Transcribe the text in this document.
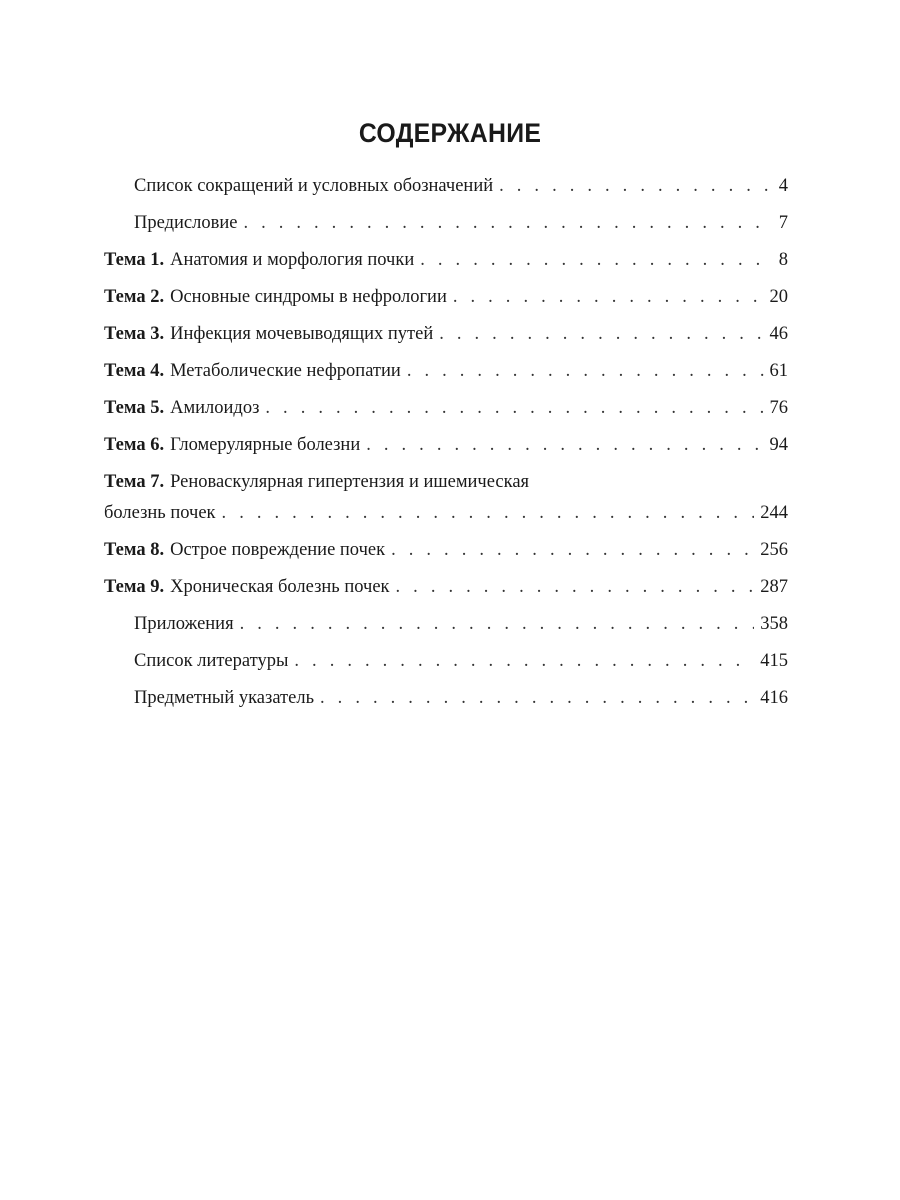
СОДЕРЖАНИЕ
Список сокращений и условных обозначений . . .	4
Предисловие . . .	7
Тема 1. Анатомия и морфология почки . . .	8
Тема 2. Основные синдромы в нефрологии . . .	20
Тема 3. Инфекция мочевыводящих путей . . .	46
Тема 4. Метаболические нефропатии . . .	61
Тема 5. Амилоидоз . . .	76
Тема 6. Гломерулярные болезни . . .	94
Тема 7. Реноваскулярная гипертензия и ишемическая
болезнь почек . . .	244
Тема 8. Острое повреждение почек . . .	256
Тема 9. Хроническая болезнь почек . . .	287
Приложения . . .	358
Список литературы . . .	415
Предметный указатель . . .	416
